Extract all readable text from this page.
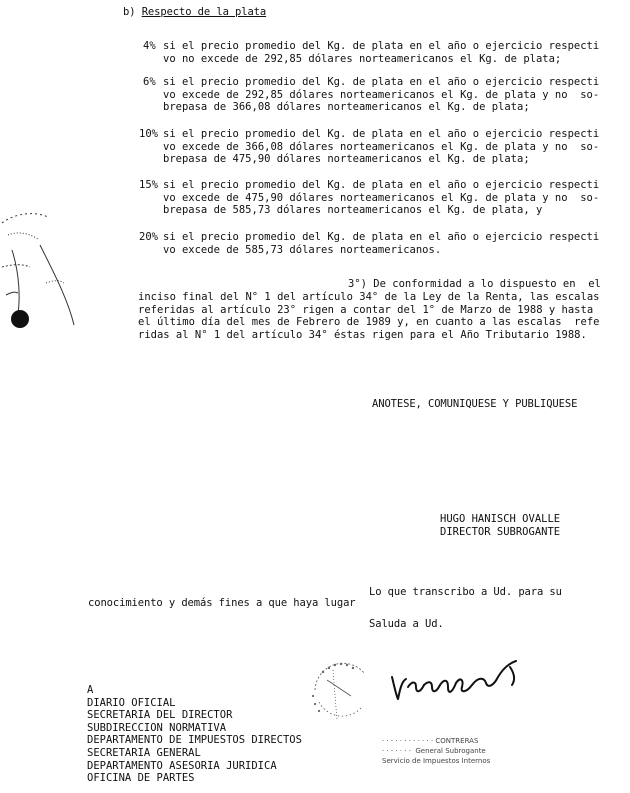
b) Respecto de la plata
4% si el precio promedio del Kg. de plata en el año o ejercicio respecti
vo no excede de 292,85 dólares norteamericanos el Kg. de plata;
6% si el precio promedio del Kg. de plata en el año o ejercicio respecti
vo excede de 292,85 dólares norteamericanos el Kg. de plata y no  so-
brepasa de 366,08 dólares norteamericanos el Kg. de plata;
10% si el precio promedio del Kg. de plata en el año o ejercicio respecti
vo excede de 366,08 dólares norteamericanos el Kg. de plata y no  so-
brepasa de 475,90 dólares norteamericanos el Kg. de plata;
15% si el precio promedio del Kg. de plata en el año o ejercicio respecti
vo excede de 475,90 dólares norteamericanos el Kg. de plata y no  so-
brepasa de 585,73 dólares norteamericanos el Kg. de plata, y
20% si el precio promedio del Kg. de plata en el año o ejercicio respecti
vo excede de 585,73 dólares norteamericanos.
3°) De conformidad a lo dispuesto en  el
inciso final del N° 1 del artículo 34° de la Ley de la Renta, las escalas
referidas al artículo 23° rigen a contar del 1° de Marzo de 1988 y hasta
el último día del mes de Febrero de 1989 y, en cuanto a las escalas  refe
ridas al N° 1 del artículo 34° éstas rigen para el Año Tributario 1988.
ANOTESE, COMUNIQUESE Y PUBLIQUESE
HUGO HANISCH OVALLE
DIRECTOR SUBROGANTE
Lo que transcribo a Ud. para su
conocimiento y demás fines a que haya lugar
Saluda a Ud.
A
DIARIO OFICIAL
SECRETARIA DEL DIRECTOR
SUBDIRECCION NORMATIVA
DEPARTAMENTO DE IMPUESTOS DIRECTOS
SECRETARIA GENERAL
DEPARTAMENTO ASESORIA JURIDICA
OFICINA DE PARTES
· · · · · · · · · · · · CONTRERAS
· · · · · · ·  General Subrogante
Servicio de Impuestos Internos
